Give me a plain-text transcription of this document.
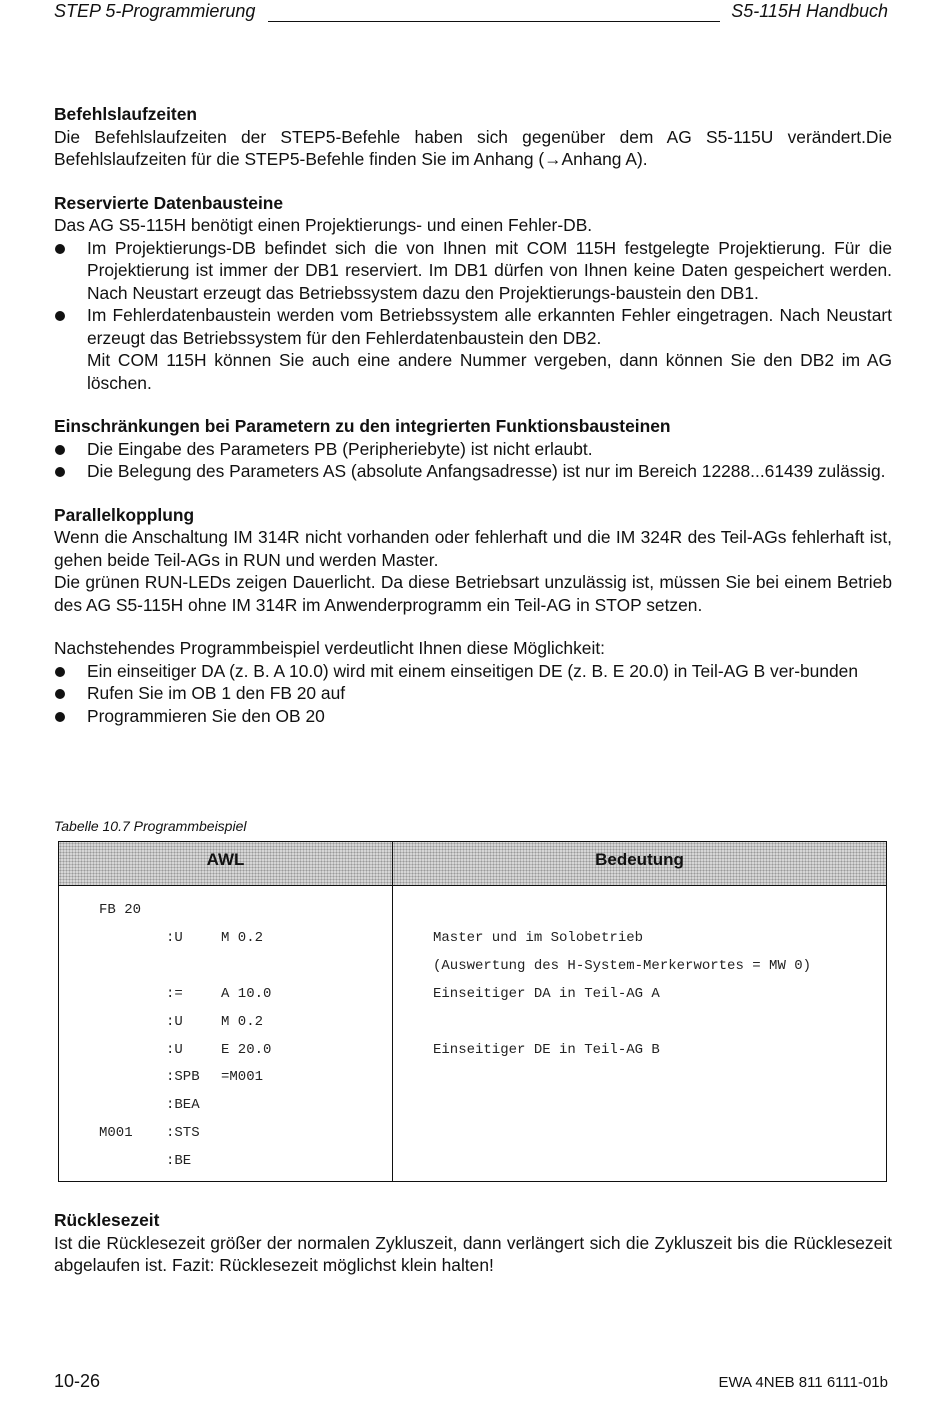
STEP 5-Programmierung	S5-115H Handbuch
Befehlslaufzeiten
Die Befehlslaufzeiten der STEP5-Befehle haben sich gegenüber dem AG S5-115U verändert.Die Befehlslaufzeiten für die STEP5-Befehle finden Sie im Anhang (→Anhang A).
Reservierte Datenbausteine
Das AG S5-115H benötigt einen Projektierungs- und einen Fehler-DB.
Im Projektierungs-DB befindet sich die von Ihnen mit COM 115H festgelegte Projektierung. Für die Projektierung ist immer der DB1 reserviert. Im DB1 dürfen von Ihnen keine Daten gespeichert werden. Nach Neustart erzeugt das Betriebssystem dazu den Projektierungs-baustein den DB1.
Im Fehlerdatenbaustein werden vom Betriebssystem alle erkannten Fehler eingetragen. Nach Neustart erzeugt das Betriebssystem für den Fehlerdatenbaustein den DB2.
Mit COM 115H können Sie auch eine andere Nummer vergeben, dann können Sie den DB2 im AG löschen.
Einschränkungen bei Parametern zu den integrierten Funktionsbausteinen
Die Eingabe des Parameters PB (Peripheriebyte) ist nicht erlaubt.
Die Belegung des Parameters AS (absolute Anfangsadresse) ist nur im Bereich 12288...61439 zulässig.
Parallelkopplung
Wenn die Anschaltung IM 314R nicht vorhanden oder fehlerhaft und die IM 324R des Teil-AGs fehlerhaft ist, gehen beide Teil-AGs in RUN und werden Master.
Die grünen RUN-LEDs zeigen Dauerlicht. Da diese Betriebsart unzulässig ist, müssen Sie bei einem Betrieb des AG S5-115H ohne IM 314R im Anwenderprogramm ein Teil-AG in STOP setzen.
Nachstehendes Programmbeispiel verdeutlicht Ihnen diese Möglichkeit:
Ein einseitiger DA (z. B. A 10.0) wird mit einem einseitigen DE (z. B. E 20.0) in Teil-AG B ver-bunden
Rufen Sie im OB 1 den FB 20 auf
Programmieren Sie den OB 20
Tabelle 10.7 Programmbeispiel
AWL	Bedeutung
FB 20
:U	M 0.2	Master und im Solobetrieb
(Auswertung des H-System-Merkerwortes = MW 0)
:=	A 10.0	Einseitiger DA in Teil-AG A
:U	M 0.2
:U	E 20.0	Einseitiger DE in Teil-AG B
:SPB =M001
:BEA
M001 :STS
:BE
Rücklesezeit
Ist die Rücklesezeit größer der normalen Zykluszeit, dann verlängert sich die Zykluszeit bis die Rücklesezeit abgelaufen ist. Fazit: Rücklesezeit möglichst klein halten!
10-26	EWA 4NEB 811 6111-01b
